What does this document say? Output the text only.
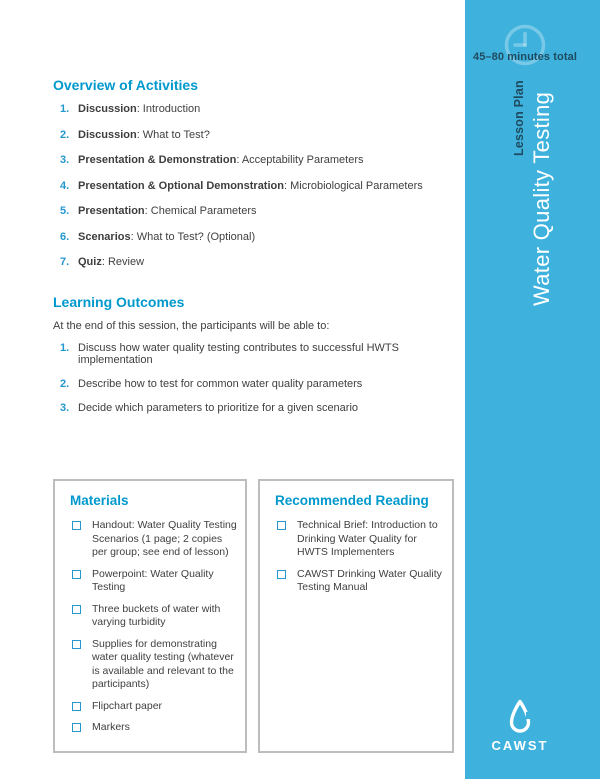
Overview of Activities
1. Discussion: Introduction
2. Discussion: What to Test?
3. Presentation & Demonstration: Acceptability Parameters
4. Presentation & Optional Demonstration: Microbiological Parameters
5. Presentation: Chemical Parameters
6. Scenarios: What to Test? (Optional)
7. Quiz: Review
Learning Outcomes

At the end of this session, the participants will be able to:

1. Discuss how water quality testing contributes to successful HWTS implementation
2. Describe how to test for common water quality parameters
3. Decide which parameters to prioritize for a given scenario
Materials
Handout: Water Quality Testing Scenarios (1 page; 2 copies per group; see end of lesson)
Powerpoint: Water Quality Testing
Three buckets of water with varying turbidity
Supplies for demonstrating water quality testing (whatever is available and relevant to the participants)
Flipchart paper
Markers
Recommended Reading
Technical Brief: Introduction to Drinking Water Quality for HWTS Implementers
CAWST Drinking Water Quality Testing Manual
45–80 minutes total
Lesson Plan Water Quality Testing
CAWST
